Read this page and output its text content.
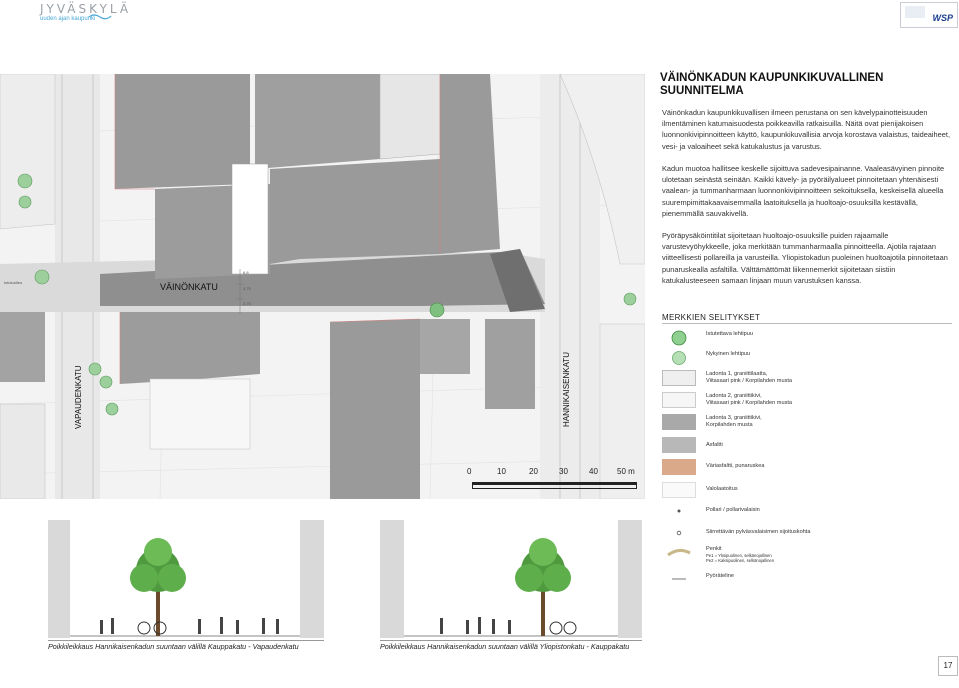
JYVÄSKYLÄ
uuden ajan kaupunki	WSP
VÄINÖNKATU
VAPAUDENKATU	HANNIKAISENKATU
lotutuolleo
6,8
3,75
3,75
0	10	20	30	40 50 m
VÄINÖNKADUN KAUPUNKIKUVALLINEN SUUNNITELMA
Väinönkadun kaupunkikuvallisen ilmeen perustana on sen kävelypainotteisuuden ilmentäminen katumaisuodesta poikkeavilla ratkaisuilla. Näitä ovat pienijakoisen luonnonkivipinnoitteen käyttö, kaupunkikuvallisia arvoja korostava valaistus, taideaiheet, vesi- ja valoaiheet sekä katukalustus ja varustus.
Kadun muotoa hallitsee keskelle sijoittuva sadevesipainanne. Vaaleasävyinen pinnoite ulotetaan seinästä seinään. Kaikki kävely- ja pyöräilyalueet pinnoitetaan yhtenäisesti vaalean- ja tummanharmaan luonnonkivipinnoitteen sekoituksella, keskeisellä alueella suurempimittakaavaisemmalla laatoituksella ja huoltoajo-osuuksilla kestävällä, pienemmällä sauvakivellä.
Pyöräpysäköintitilat sijoitetaan huoltoajo-osuuksille puiden rajaamalle varustevyöhykkeelle, joka merkitään tummanharmaalla pinnoitteella. Ajotila rajataan viitteellisesti pollareilla ja varusteilla. Yliopistokadun puoleinen huoltoajotila pinnoitetaan punaruskealla asfaltilla. Välttämättömät liikennemerkit sijoitetaan siistiin katukalusteeseen samaan linjaan muun varustuksen kanssa.
MERKKIEN SELITYKSET
Istutettava lehtipuu
Nykyinen lehtipuu
Ladonta 1, graniittilaatta,
Viitasaari pink / Korpilahden musta
Ladonta 2, graniittikivi,
Viitasaari pink / Korpilahden musta
Ladonta 3, graniittikivi,
Korpilahden musta
Asfaltti
Väriasfaltti, punaruskea
Valolaatoitus
Pollari / pollarivalaisin
Siirrettävän pylväsvalaisimen sijoituskohta
Penkit
Pe1 = Yksipuolinen, selkänojallinen
Pe2 = Kaksipuolinen, selkänojallinen
Pyöräteline
Poikkileikkaus Hannikaisenkadun suuntaan välillä Kauppakatu - Vapaudenkatu	Poikkileikkaus Hannikaisenkadun suuntaan välillä Yliopistonkatu - Kauppakatu
17
